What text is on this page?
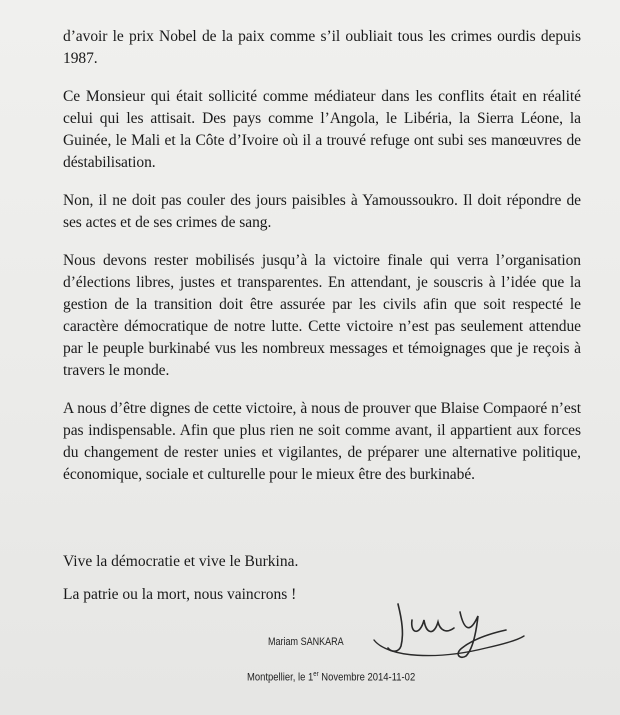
d’avoir le prix Nobel de la paix comme s’il oubliait tous les crimes ourdis depuis 1987.

Ce Monsieur qui était sollicité comme médiateur dans les conflits était en réalité celui qui les attisait. Des pays comme l’Angola, le Libéria, la Sierra Léone, la Guinée, le Mali et la Côte d’Ivoire où il a trouvé refuge ont subi ses manœuvres de déstabilisation.

Non, il ne doit pas couler des jours paisibles à Yamoussoukro. Il doit répondre de ses actes et de ses crimes de sang.

Nous devons rester mobilisés jusqu’à la victoire finale qui verra l’organisation d’élections libres, justes et transparentes. En attendant, je souscris à l’idée que la gestion de la transition doit être assurée par les civils afin que soit respecté le caractère démocratique de notre lutte. Cette victoire n’est pas seulement attendue par le peuple burkinabé vus les nombreux messages et témoignages que je reçois à travers le monde.

A nous d’être dignes de cette victoire, à nous de prouver que Blaise Compaoré n’est pas indispensable. Afin que plus rien ne soit comme avant, il appartient aux forces du changement de rester unies et vigilantes, de préparer une alternative politique, économique, sociale et culturelle pour le mieux être des burkinabé.

Vive la démocratie et vive le Burkina.

La patrie ou la mort, nous vaincrons !

Mariam SANKARA
Montpellier, le 1er Novembre 2014-11-02
